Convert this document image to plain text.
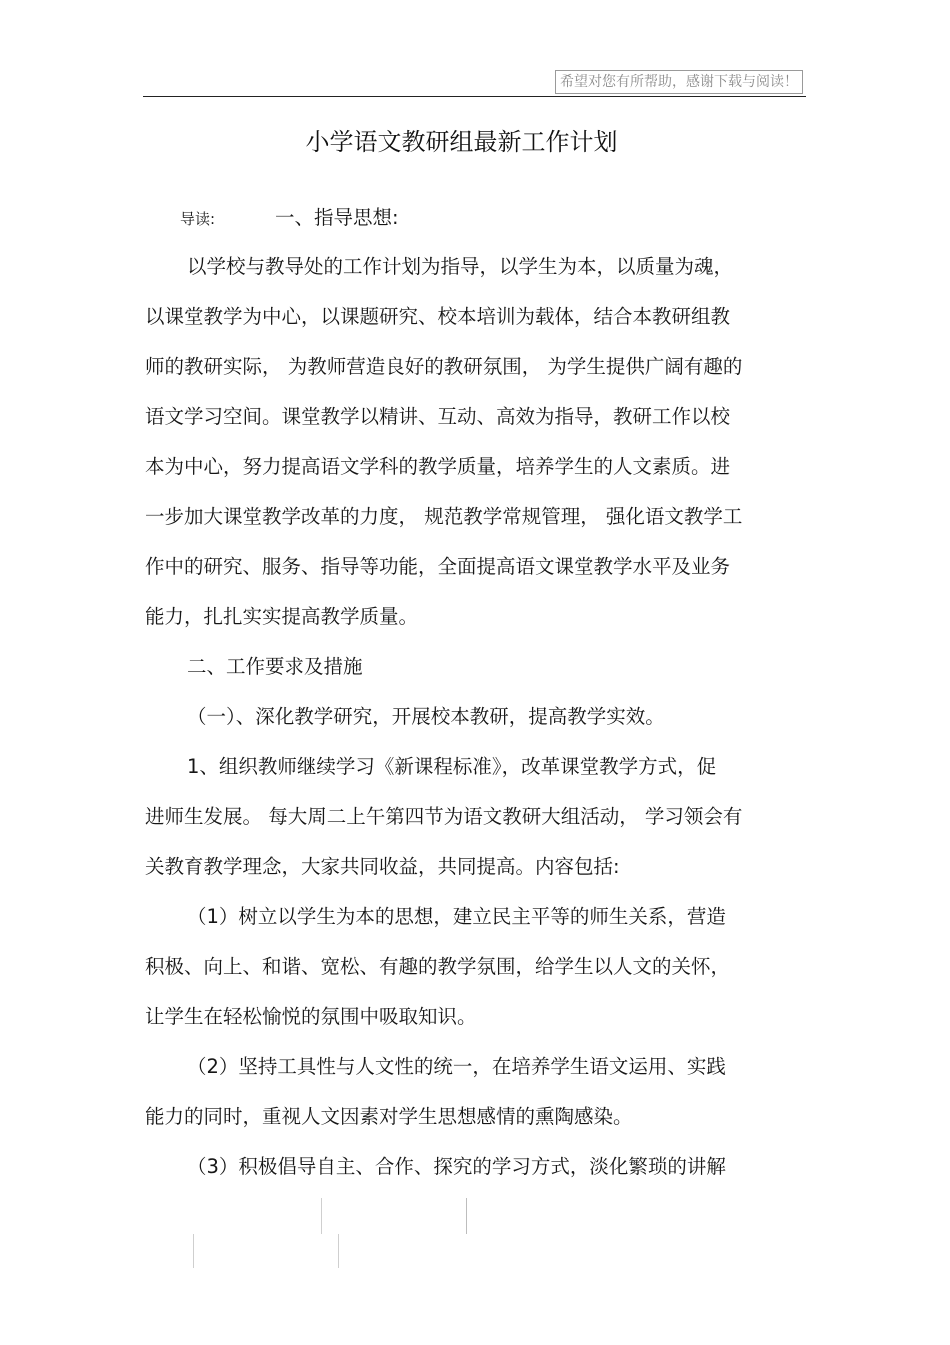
希望对您有所帮助，感谢下载与阅读！
小学语文教研组最新工作计划
导读:	一、指导思想:
以学校与教导处的工作计划为指导，以学生为本，以质量为魂，
以课堂教学为中心，以课题研究、校本培训为载体，结合本教研组教
师的教研实际， 为教师营造良好的教研氛围， 为学生提供广阔有趣的
语文学习空间。课堂教学以精讲、互动、高效为指导，教研工作以校
本为中心，努力提高语文学科的教学质量，培养学生的人文素质。进
一步加大课堂教学改革的力度， 规范教学常规管理， 强化语文教学工
作中的研究、服务、指导等功能，全面提高语文课堂教学水平及业务
能力，扎扎实实提高教学质量。
二、工作要求及措施
（一）、深化教学研究，开展校本教研，提高教学实效。
1、组织教师继续学习《新课程标准》，改革课堂教学方式，促
进师生发展。 每大周二上午第四节为语文教研大组活动， 学习领会有
关教育教学理念，大家共同收益，共同提高。内容包括:
（1）树立以学生为本的思想，建立民主平等的师生关系，营造
积极、向上、和谐、宽松、有趣的教学氛围，给学生以人文的关怀，
让学生在轻松愉悦的氛围中吸取知识。
（2）坚持工具性与人文性的统一，在培养学生语文运用、实践
能力的同时，重视人文因素对学生思想感情的熏陶感染。
（3）积极倡导自主、合作、探究的学习方式，淡化繁琐的讲解
